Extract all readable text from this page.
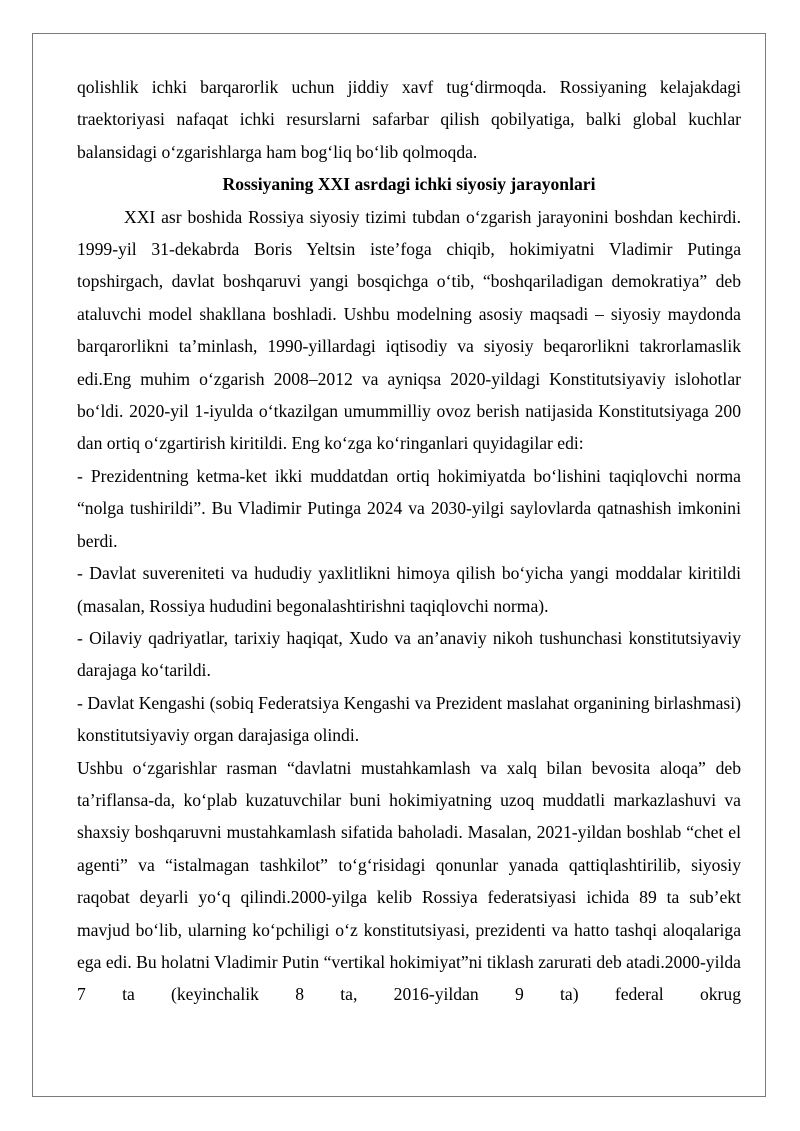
qolishlik ichki barqarorlik uchun jiddiy xavf tug‘dirmoqda. Rossiyaning kelajakdagi traektoriyasi nafaqat ichki resurslarni safarbar qilish qobilyatiga, balki global kuchlar balansidagi o‘zgarishlarga ham bog‘liq bo‘lib qolmoqda.

Rossiyaning XXI asrdagi ichki siyosiy jarayonlari

XXI asr boshida Rossiya siyosiy tizimi tubdan o‘zgarish jarayonini boshdan kechirdi. 1999-yil 31-dekabrda Boris Yeltsin iste’foga chiqib, hokimiyatni Vladimir Putinga topshirgach, davlat boshqaruvi yangi bosqichga o‘tib, “boshqariladigan demokratiya” deb ataluvchi model shakllana boshladi. Ushbu modelning asosiy maqsadi – siyosiy maydonda barqarorlikni ta’minlash, 1990-yillardagi iqtisodiy va siyosiy beqarorlikni takrorlamaslik edi.Eng muhim o‘zgarish 2008–2012 va ayniqsa 2020-yildagi Konstitutsiyaviy islohotlar bo‘ldi. 2020-yil 1-iyulda o‘tkazilgan umummilliy ovoz berish natijasida Konstitutsiyaga 200 dan ortiq o‘zgartirish kiritildi. Eng ko‘zga ko‘ringanlari quyidagilar edi:

- Prezidentning ketma-ket ikki muddatdan ortiq hokimiyatda bo‘lishini taqiqlovchi norma “nolga tushirildi”. Bu Vladimir Putinga 2024 va 2030-yilgi saylovlarda qatnashish imkonini berdi.

- Davlat suvereniteti va hududiy yaxlitlikni himoya qilish bo‘yicha yangi moddalar kiritildi (masalan, Rossiya hududini begonalashtirishni taqiqlovchi norma).

- Oilaviy qadriyatlar, tarixiy haqiqat, Xudo va an’anaviy nikoh tushunchasi konstitutsiyaviy darajaga ko‘tarildi.

- Davlat Kengashi (sobiq Federatsiya Kengashi va Prezident maslahat organining birlashmasi) konstitutsiyaviy organ darajasiga olindi.

Ushbu o‘zgarishlar rasman “davlatni mustahkamlash va xalq bilan bevosita aloqa” deb ta’riflansa-da, ko‘plab kuzatuvchilar buni hokimiyatning uzoq muddatli markazlashuvi va shaxsiy boshqaruvni mustahkamlash sifatida baholadi. Masalan, 2021-yildan boshlab “chet el agenti” va “istalmagan tashkilot” to‘g‘risidagi qonunlar yanada qattiqlashtirilib, siyosiy raqobat deyarli yo‘q qilindi.2000-yilga kelib Rossiya federatsiyasi ichida 89 ta sub’ekt mavjud bo‘lib, ularning ko‘pchiligi o‘z konstitutsiyasi, prezidenti va hatto tashqi aloqalariga ega edi. Bu holatni Vladimir Putin “vertikal hokimiyat”ni tiklash zarurati deb atadi.2000-yilda 7 ta (keyinchalik 8 ta, 2016-yildan 9 ta) federal okrug
